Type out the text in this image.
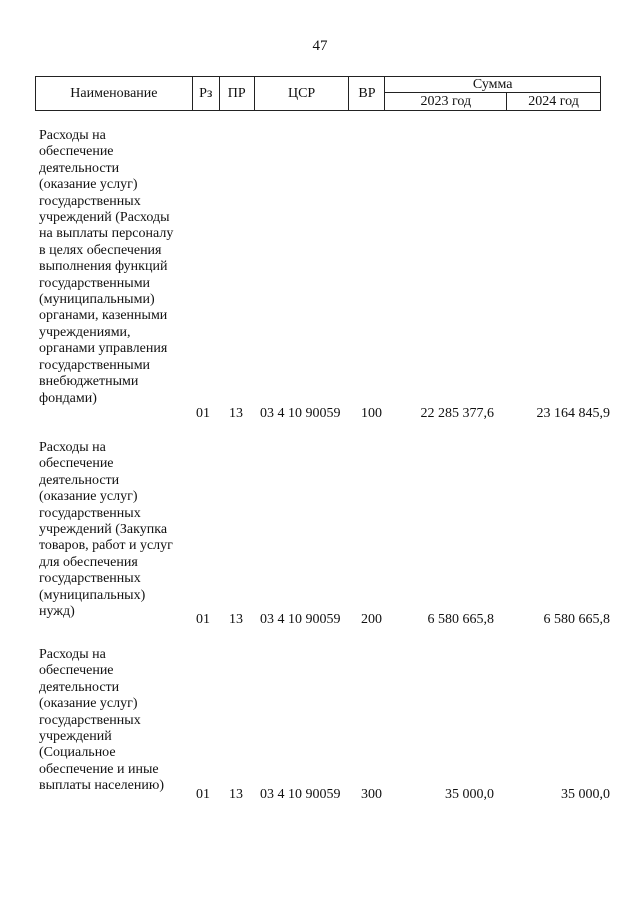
47
Наименование	Рз	ПР	ЦСР	ВР	Сумма	
					2023 год	2024 год
Расходы на
обеспечение
деятельности
(оказание услуг)
государственных
учреждений (Расходы
на выплаты персоналу
в целях обеспечения
выполнения функций
государственными
(муниципальными)
органами, казенными
учреждениями,
органами управления
государственными
внебюджетными
фондами)
01	13	03 4 10 90059	100	22 285 377,6	23 164 845,9
Расходы на
обеспечение
деятельности
(оказание услуг)
государственных
учреждений (Закупка
товаров, работ и услуг
для обеспечения
государственных
(муниципальных)
нужд)
01	13	03 4 10 90059	200	6 580 665,8	6 580 665,8
Расходы на
обеспечение
деятельности
(оказание услуг)
государственных
учреждений
(Социальное
обеспечение и иные
выплаты населению)
01	13	03 4 10 90059	300	35 000,0	35 000,0
